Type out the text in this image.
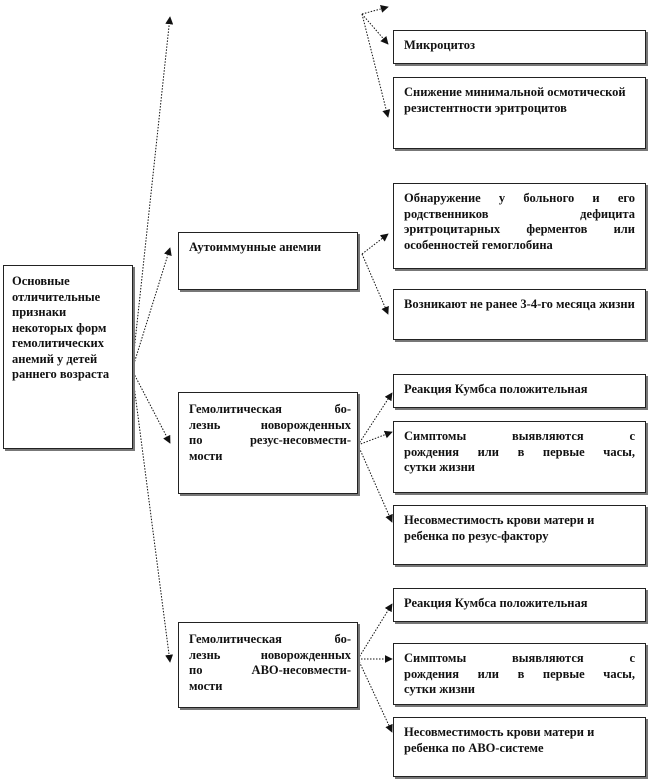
Основные отличительные признаки некоторых форм гемолитических анемий у детей раннего возраста
Микроцитоз
Снижение минимальной осмотической резистентности эритроцитов
Аутоиммунные анемии
Обнаружение у больного и его
родственников дефицита
эритроцитарных ферментов или
особенностей гемоглобина
Возникают не ранее 3-4-го месяца жизни
Гемолитическая бо-
лезнь новорожденных
по резус-несовмести-
мости
Реакция Кумбса положительная
Симптомы выявляются с
рождения или в первые часы,
сутки жизни
Несовместимость крови матери и ребенка по резус-фактору
Гемолитическая бо-
лезнь новорожденных
по АВО-несовмести-
мости
Реакция Кумбса положительная
Симптомы выявляются с
рождения или в первые часы,
сутки жизни
Несовместимость крови матери и ребенка по АВО-системе
